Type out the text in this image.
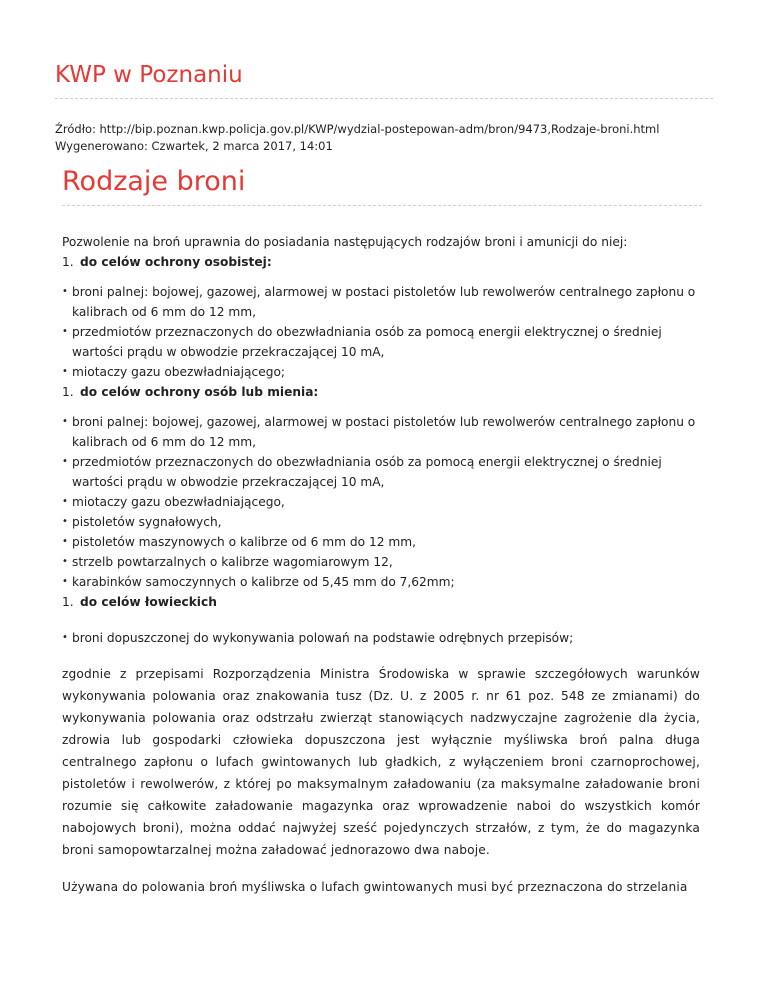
KWP w Poznaniu
Źródło: http://bip.poznan.kwp.policja.gov.pl/KWP/wydzial-postepowan-adm/bron/9473,Rodzaje-broni.html
Wygenerowano: Czwartek, 2 marca 2017, 14:01
Rodzaje broni

Pozwolenie na broń uprawnia do posiadania następujących rodzajów broni i amunicji do niej:

1. do celów ochrony osobistej:

• broni palnej: bojowej, gazowej, alarmowej w postaci pistoletów lub rewolwerów centralnego zapłonu o kalibrach od 6 mm do 12 mm,
• przedmiotów przeznaczonych do obezwładniania osób za pomocą energii elektrycznej o średniej wartości prądu w obwodzie przekraczającej 10 mA,
• miotaczy gazu obezwładniającego;

1. do celów ochrony osób lub mienia:

• broni palnej: bojowej, gazowej, alarmowej w postaci pistoletów lub rewolwerów centralnego zapłonu o kalibrach od 6 mm do 12 mm,
• przedmiotów przeznaczonych do obezwładniania osób za pomocą energii elektrycznej o średniej wartości prądu w obwodzie przekraczającej 10 mA,
• miotaczy gazu obezwładniającego,
• pistoletów sygnałowych,
• pistoletów maszynowych o kalibrze od 6 mm do 12 mm,
• strzelb powtarzalnych o kalibrze wagomiarowym 12,
• karabinków samoczynnych o kalibrze od 5,45 mm do 7,62mm;

1. do celów łowieckich

• broni dopuszczonej do wykonywania polowań na podstawie odrębnych przepisów;

zgodnie z przepisami Rozporządzenia Ministra Środowiska w sprawie szczegółowych warunków wykonywania polowania oraz znakowania tusz (Dz. U. z 2005 r. nr 61 poz. 548 ze zmianami) do wykonywania polowania oraz odstrzału zwierząt stanowiących nadzwyczajne zagrożenie dla życia, zdrowia lub gospodarki człowieka dopuszczona jest wyłącznie myśliwska broń palna długa centralnego zapłonu o lufach gwintowanych lub gładkich, z wyłączeniem broni czarnoprochowej, pistoletów i rewolwerów, z której po maksymalnym załadowaniu (za maksymalne załadowanie broni rozumie się całkowite załadowanie magazynka oraz wprowadzenie naboi do wszystkich komór nabojowych broni), można oddać najwyżej sześć pojedynczych strzałów, z tym, że do magazynka broni samopowtarzalnej można załadować jednorazowo dwa naboje.

Używana do polowania broń myśliwska o lufach gwintowanych musi być przeznaczona do strzelania
